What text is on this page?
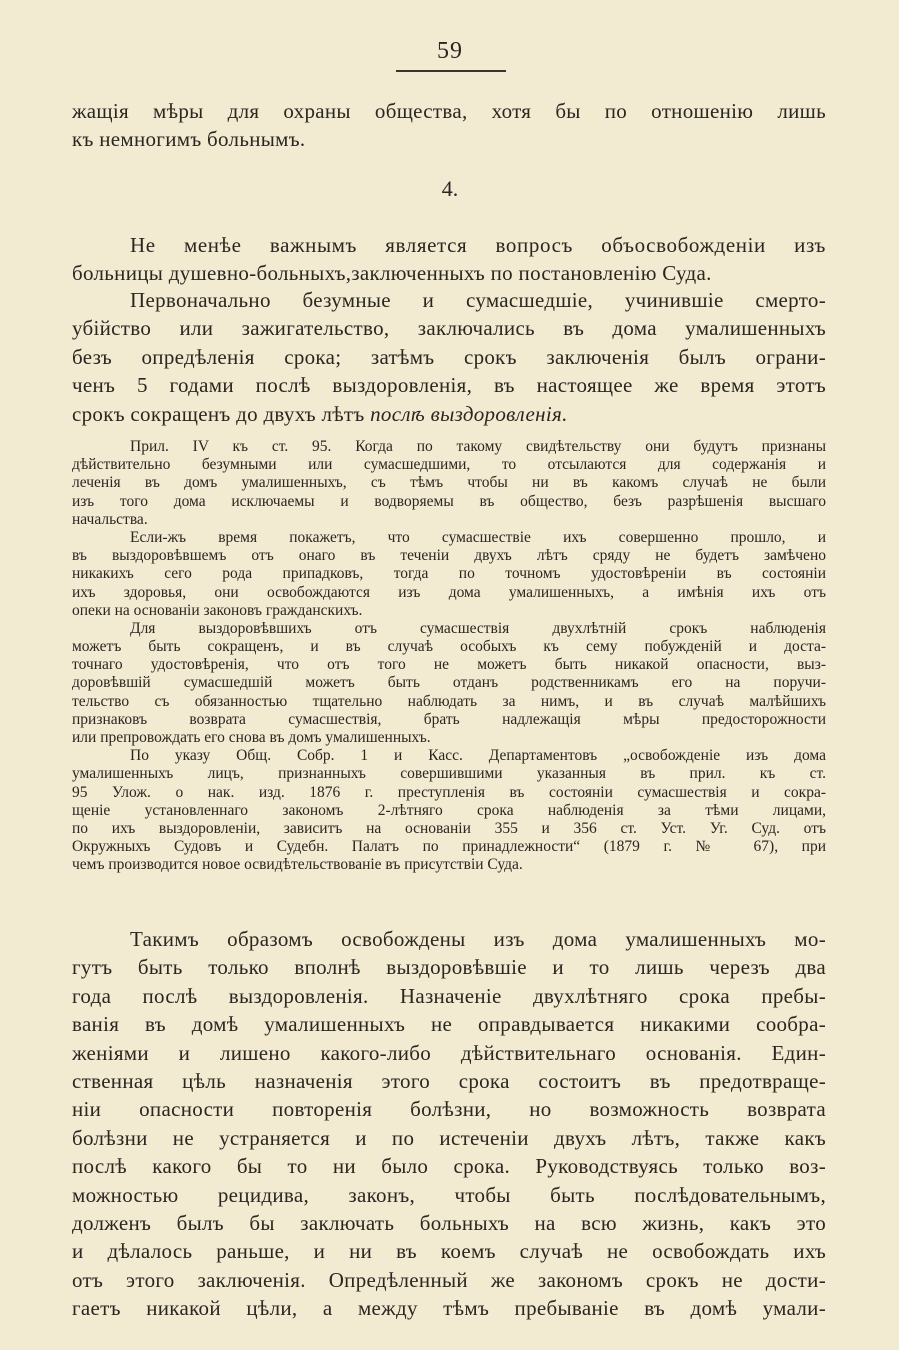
59
жащія мѣры для охраны общества, хотя бы по отношенію лишь
къ немногимъ больнымъ.
4.
Не менѣе важнымъ является вопросъ объосвобожденіи изъ
больницы душевно-больныхъ,заключенныхъ по постановленію Суда.
Первоначально безумные и сумасшедшіе, учинившіе смерто-
убійство или зажигательство, заключались въ дома умалишенныхъ
безъ опредѣленія срока; затѣмъ срокъ заключенія былъ ограни-
ченъ 5 годами послѣ выздоровленія, въ настоящее же время этотъ
срокъ сокращенъ до двухъ лѣтъ послѣ выздоровленія.
Прил. IV къ ст. 95. Когда по такому свидѣтельству они будутъ признаны
дѣйствительно безумными или сумасшедшими, то отсылаются для содержанія и
леченія въ домъ умалишенныхъ, съ тѣмъ чтобы ни въ какомъ случаѣ не были
изъ того дома исключаемы и водворяемы въ общество, безъ разрѣшенія высшаго
начальства.
Если-жъ время покажетъ, что сумасшествіе ихъ совершенно прошло, и
въ выздоровѣвшемъ отъ онаго въ теченіи двухъ лѣтъ сряду не будетъ замѣчено
никакихъ сего рода припадковъ, тогда по точномъ удостовѣреніи въ состояніи
ихъ здоровья, они освобождаются изъ дома умалишенныхъ, а имѣнія ихъ отъ
опеки на основаніи законовъ гражданскихъ.
Для выздоровѣвшихъ отъ сумасшествія двухлѣтній срокъ наблюденія
можетъ быть сокращенъ, и въ случаѣ особыхъ къ сему побужденій и доста-
точнаго удостовѣренія, что отъ того не можетъ быть никакой опасности, выз-
доровѣвшій сумасшедшій можетъ быть отданъ родственникамъ его на поручи-
тельство съ обязанностью тщательно наблюдать за нимъ, и въ случаѣ малѣйшихъ
признаковъ возврата сумасшествія, брать надлежащія мѣры предосторожности
или препровождать его снова въ домъ умалишенныхъ.
По указу Общ. Собр. 1 и Касс. Департаментовъ „освобожденіе изъ дома
умалишенныхъ лицъ, признанныхъ совершившими указанныя въ прил. къ ст.
95 Улож. о нак. изд. 1876 г. преступленія въ состояніи сумасшествія и сокра-
щеніе установленнаго закономъ 2-лѣтняго срока наблюденія за тѣми лицами,
по ихъ выздоровленіи, зависитъ на основаніи 355 и 356 ст. Уст. Уг. Суд. отъ
Окружныхъ Судовъ и Судебн. Палатъ по принадлежности“ (1879 г. № 67), при
чемъ производится новое освидѣтельствованіе въ присутствіи Суда.
Такимъ образомъ освобождены изъ дома умалишенныхъ мо-
гутъ быть только вполнѣ выздоровѣвшіе и то лишь черезъ два
года послѣ выздоровленія. Назначеніе двухлѣтняго срока пребы-
ванія въ домѣ умалишенныхъ не оправдывается никакими сообра-
женіями и лишено какого-либо дѣйствительнаго основанія. Един-
ственная цѣль назначенія этого срока состоитъ въ предотвраще-
ніи опасности повторенія болѣзни, но возможность возврата
болѣзни не устраняется и по истеченіи двухъ лѣтъ, также какъ
послѣ какого бы то ни было срока. Руководствуясь только воз-
можностью рецидива, законъ, чтобы быть послѣдовательнымъ,
долженъ былъ бы заключать больныхъ на всю жизнь, какъ это
и дѣлалось раньше, и ни въ коемъ случаѣ не освобождать ихъ
отъ этого заключенія. Опредѣленный же закономъ срокъ не дости-
гаетъ никакой цѣли, а между тѣмъ пребываніе въ домѣ умали-
